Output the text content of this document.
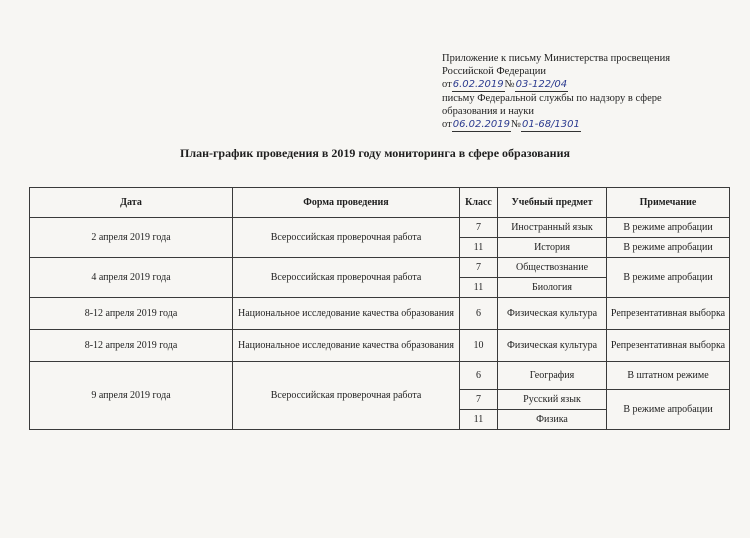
Приложение к письму Министерства просвещения
Российской Федерации
от6.02.2019№03-122/04
письму Федеральной службы по надзору в сфере
образования и науки
от06.02.2019№01-68/1301
План-график проведения в 2019 году мониторинга в сфере образования
Дата	Форма проведения	Класс	Учебный предмет	Примечание
2 апреля 2019 года	Всероссийская проверочная работа	7	Иностранный язык	В режиме апробации
		11	История	В режиме апробации
4 апреля 2019 года	Всероссийская проверочная работа	7	Обществознание	В режиме апробации
		11	Биология	
8-12 апреля 2019 года	Национальное исследование качества образования	6	Физическая культура	Репрезентативная выборка
8-12 апреля 2019 года	Национальное исследование качества образования	10	Физическая культура	Репрезентативная выборка
9 апреля 2019 года	Всероссийская проверочная работа	6	География	В штатном режиме
		7	Русский язык	В режиме апробации
		11	Физика	
